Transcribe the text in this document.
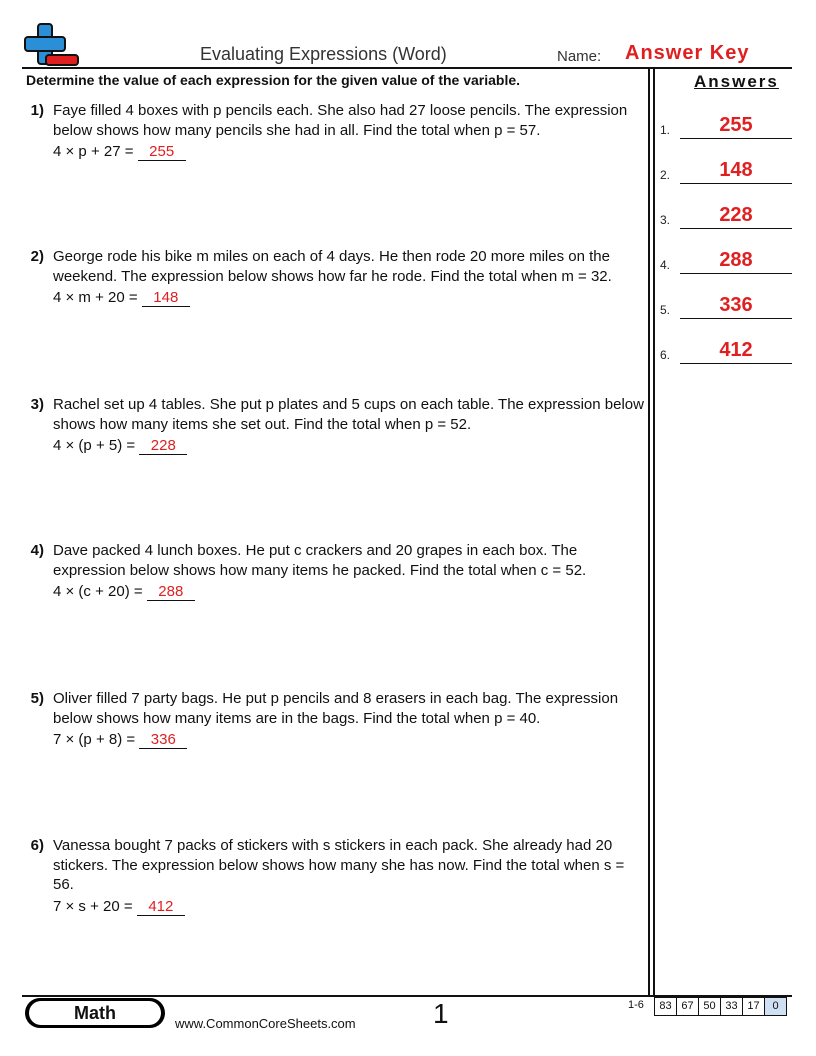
Evaluating Expressions (Word)	Name: Answer Key
Determine the value of each expression for the given value of the variable.	Answers
1) Faye filled 4 boxes with p pencils each. She also had 27 loose pencils. The expression below shows how many pencils she had in all. Find the total when p = 57.
4 × p + 27 = 255
2) George rode his bike m miles on each of 4 days. He then rode 20 more miles on the weekend. The expression below shows how far he rode. Find the total when m = 32.
4 × m + 20 = 148
3) Rachel set up 4 tables. She put p plates and 5 cups on each table. The expression below shows how many items she set out. Find the total when p = 52.
4 × (p + 5) = 228
4) Dave packed 4 lunch boxes. He put c crackers and 20 grapes in each box. The expression below shows how many items he packed. Find the total when c = 52.
4 × (c + 20) = 288
5) Oliver filled 7 party bags. He put p pencils and 8 erasers in each bag. The expression below shows how many items are in the bags. Find the total when p = 40.
7 × (p + 8) = 336
6) Vanessa bought 7 packs of stickers with s stickers in each pack. She already had 20 stickers. The expression below shows how many she has now. Find the total when s = 56.
7 × s + 20 = 412
1.	255
2.	148
3.	228
4.	288
5.	336
6.	412
Math
www.CommonCoreSheets.com	1	1-6	83 67 50 33 17	0
